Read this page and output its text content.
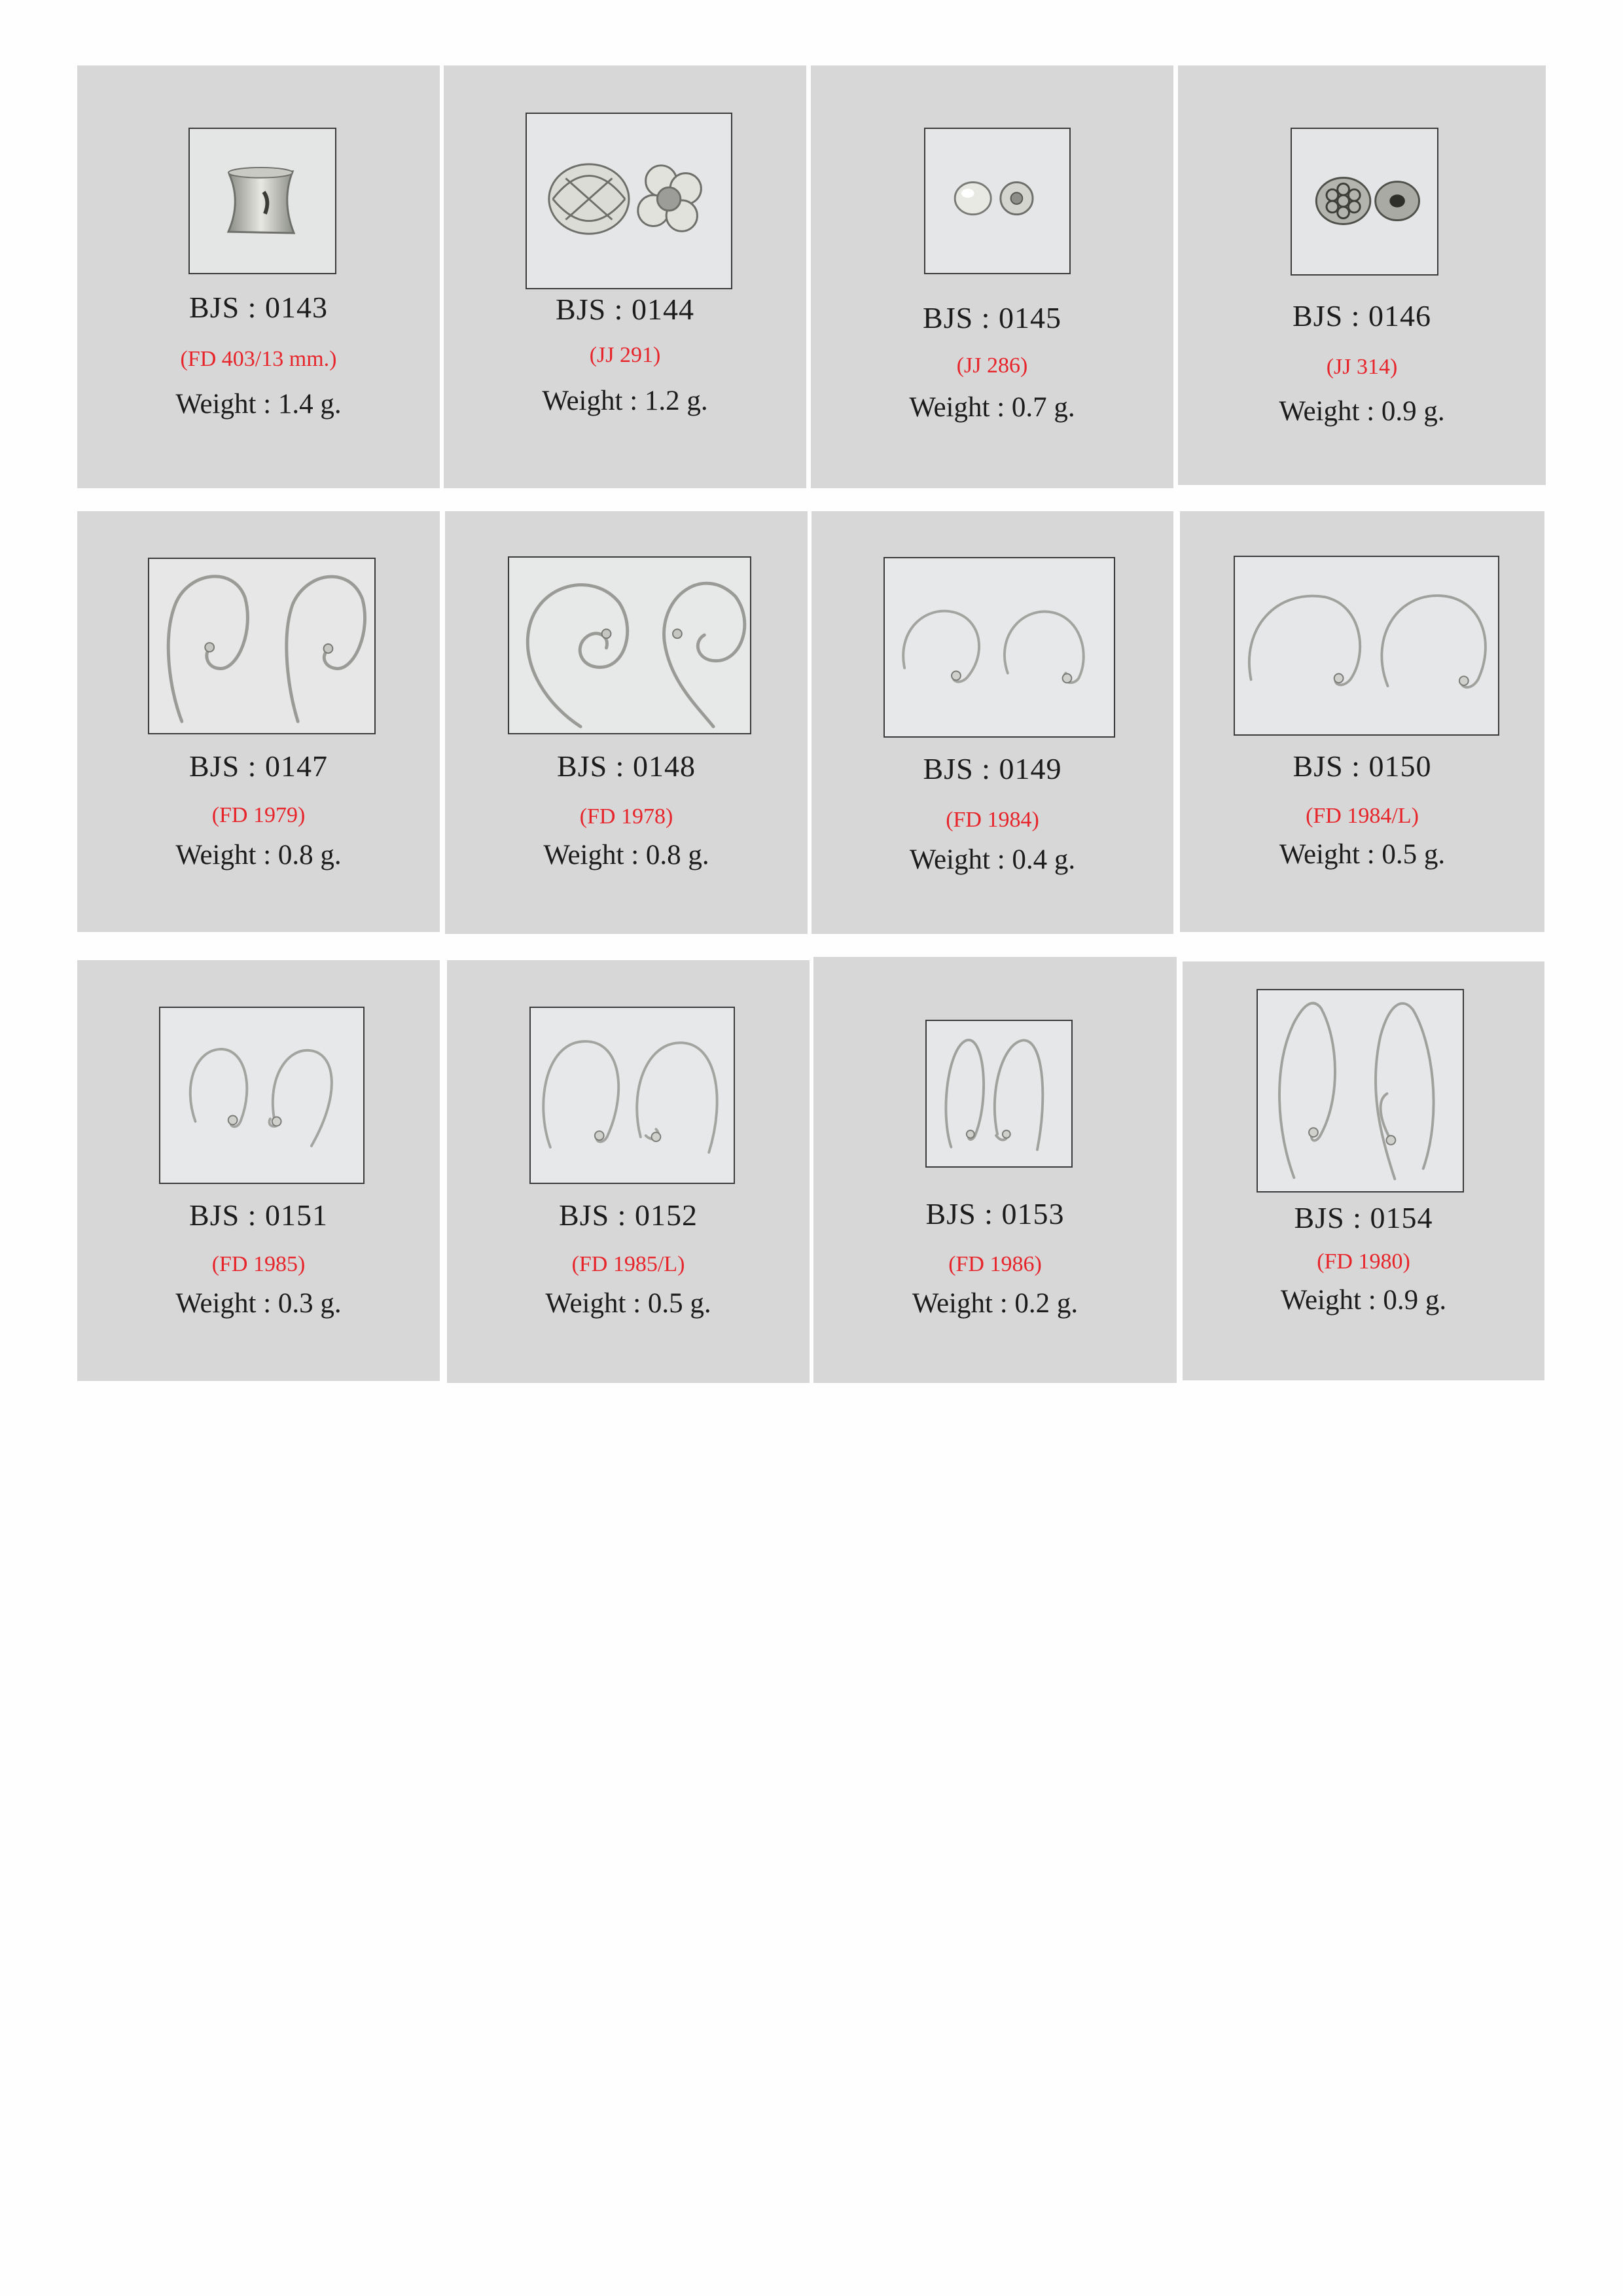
BJS : 0143
(FD 403/13 mm.)
Weight : 1.4 g.
BJS : 0144
(JJ 291)
Weight : 1.2 g.
BJS : 0145
(JJ 286)
Weight : 0.7 g.
BJS : 0146
(JJ 314)
Weight : 0.9 g.
BJS : 0147
(FD 1979)
Weight : 0.8 g.
BJS : 0148
(FD 1978)
Weight : 0.8 g.
BJS : 0149
(FD 1984)
Weight : 0.4 g.
BJS : 0150
(FD 1984/L)
Weight : 0.5 g.
BJS : 0151
(FD 1985)
Weight : 0.3 g.
BJS : 0152
(FD 1985/L)
Weight : 0.5 g.
BJS : 0153
(FD 1986)
Weight : 0.2 g.
BJS : 0154
(FD 1980)
Weight : 0.9 g.
